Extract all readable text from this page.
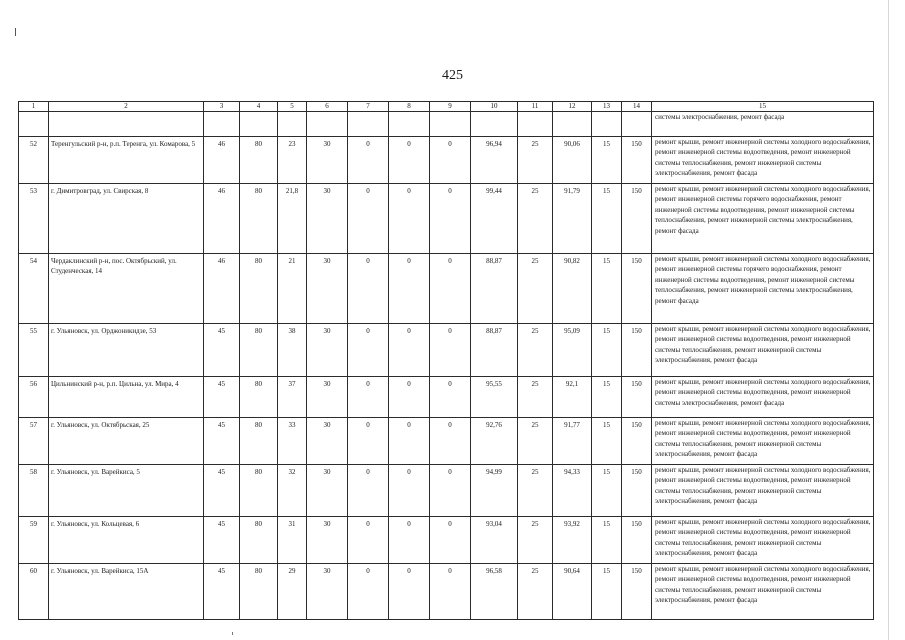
425
1	2	3	4	5	6	7	8	9	10	11	12	13	14	15
														системы электроснабжения, ремонт фасада
52	Теренгульский р-н, р.п. Теренга, ул. Комарова, 5	46	80	23	30	0	0	0	96,94	25	90,06	15	150	ремонт крыши, ремонт инженерной системы холодного водоснабжения, ремонт инженерной системы водоотведения, ремонт инженерной системы теплоснабжения, ремонт инженерной системы электроснабжения, ремонт фасада
53	г. Димитровград, ул. Свирская, 8	46	80	21,8	30	0	0	0	99,44	25	91,79	15	150	ремонт крыши, ремонт инженерной системы холодного водоснабжения, ремонт инженерной системы горячего водоснабжения, ремонт инженерной системы водоотведения, ремонт инженерной системы теплоснабжения, ремонт инженерной системы электроснабжения, ремонт фасада
54	Чердаклинский р-н, пос. Октябрьский, ул. Студенческая, 14	46	80	21	30	0	0	0	88,87	25	90,82	15	150	ремонт крыши, ремонт инженерной системы холодного водоснабжения, ремонт инженерной системы горячего водоснабжения, ремонт инженерной системы водоотведения, ремонт инженерной системы теплоснабжения, ремонт инженерной системы электроснабжения, ремонт фасада
55	г. Ульяновск, ул. Орджоникидзе, 53	45	80	38	30	0	0	0	88,87	25	95,09	15	150	ремонт крыши, ремонт инженерной системы холодного водоснабжения, ремонт инженерной системы водоотведения, ремонт инженерной системы теплоснабжения, ремонт инженерной системы электроснабжения, ремонт фасада
56	Цильнинский р-н, р.п. Цильна, ул. Мира, 4	45	80	37	30	0	0	0	95,55	25	92,1	15	150	ремонт крыши, ремонт инженерной системы холодного водоснабжения, ремонт инженерной системы водоотведения, ремонт инженерной системы электроснабжения, ремонт фасада
57	г. Ульяновск, ул. Октябрьская, 25	45	80	33	30	0	0	0	92,76	25	91,77	15	150	ремонт крыши, ремонт инженерной системы холодного водоснабжения, ремонт инженерной системы водоотведения, ремонт инженерной системы теплоснабжения, ремонт инженерной системы электроснабжения, ремонт фасада
58	г. Ульяновск, ул. Варейкиса, 5	45	80	32	30	0	0	0	94,99	25	94,33	15	150	ремонт крыши, ремонт инженерной системы холодного водоснабжения, ремонт инженерной системы водоотведения, ремонт инженерной системы теплоснабжения, ремонт инженерной системы электроснабжения, ремонт фасада
59	г. Ульяновск, ул. Кольцевая, 6	45	80	31	30	0	0	0	93,04	25	93,92	15	150	ремонт крыши, ремонт инженерной системы холодного водоснабжения, ремонт инженерной системы водоотведения, ремонт инженерной системы теплоснабжения, ремонт инженерной системы электроснабжения, ремонт фасада
60	г. Ульяновск, ул. Варейкиса, 15А	45	80	29	30	0	0	0	96,58	25	90,64	15	150	ремонт крыши, ремонт инженерной системы холодного водоснабжения, ремонт инженерной системы водоотведения, ремонт инженерной системы теплоснабжения, ремонт инженерной системы электроснабжения, ремонт фасада
